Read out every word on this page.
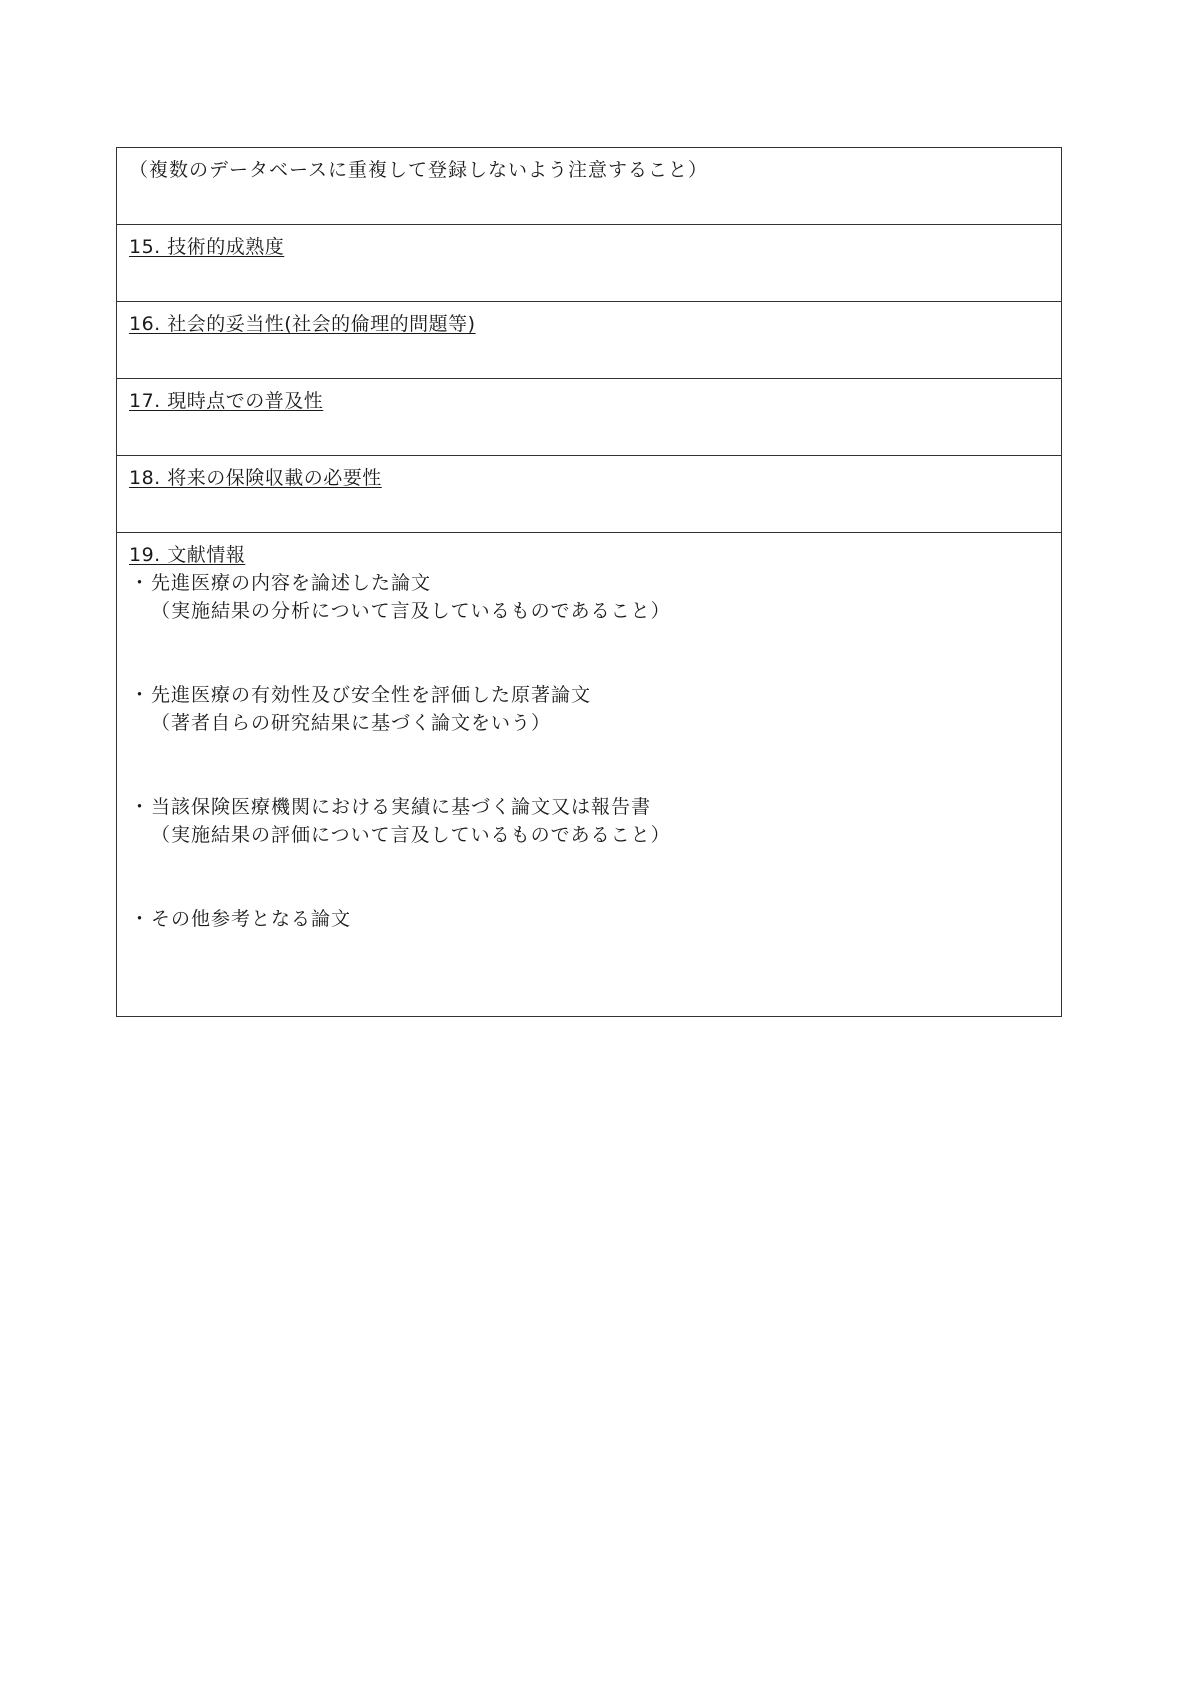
（複数のデータベースに重複して登録しないよう注意すること）
15. 技術的成熟度
16. 社会的妥当性(社会的倫理的問題等)
17. 現時点での普及性
18. 将来の保険収載の必要性
19. 文献情報
・ 先進医療の内容を論述した論文
（実施結果の分析について言及しているものであること）
・ 先進医療の有効性及び安全性を評価した原著論文
（著者自らの研究結果に基づく論文をいう）
・ 当該保険医療機関における実績に基づく論文又は報告書
（実施結果の評価について言及しているものであること）
・ その他参考となる論文
